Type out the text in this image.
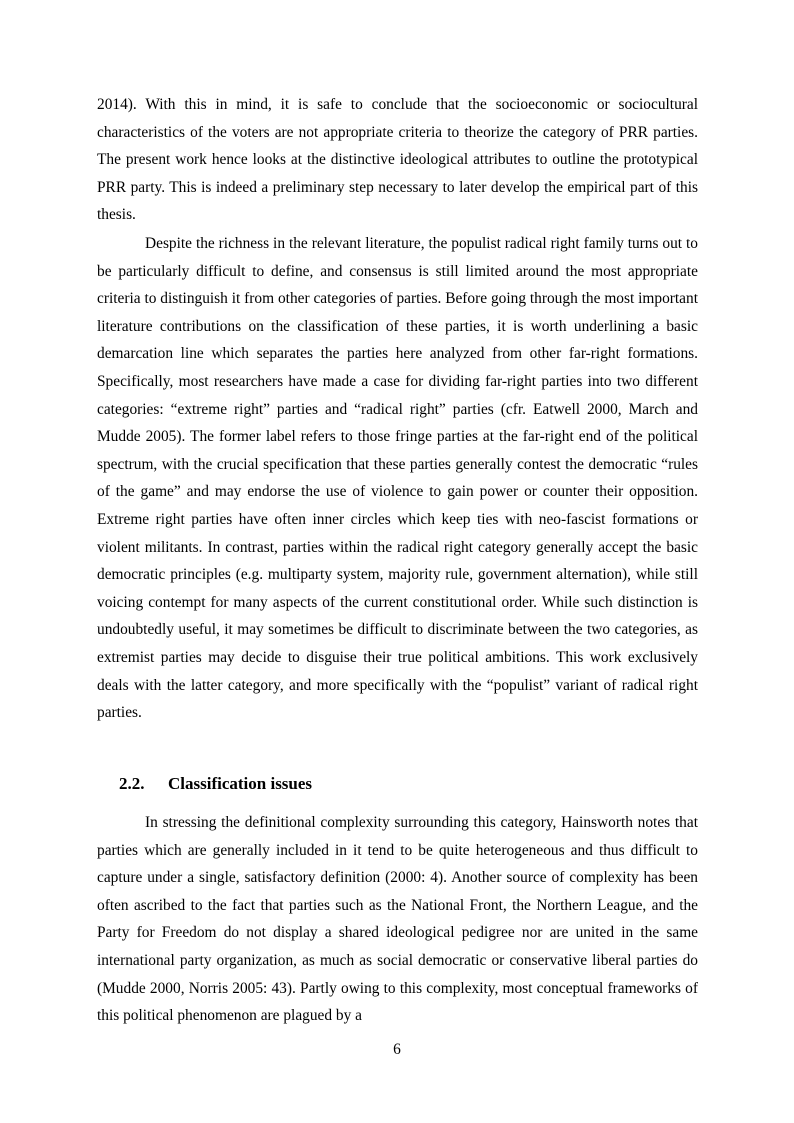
2014). With this in mind, it is safe to conclude that the socioeconomic or sociocultural characteristics of the voters are not appropriate criteria to theorize the category of PRR parties. The present work hence looks at the distinctive ideological attributes to outline the prototypical PRR party. This is indeed a preliminary step necessary to later develop the empirical part of this thesis.

Despite the richness in the relevant literature, the populist radical right family turns out to be particularly difficult to define, and consensus is still limited around the most appropriate criteria to distinguish it from other categories of parties. Before going through the most important literature contributions on the classification of these parties, it is worth underlining a basic demarcation line which separates the parties here analyzed from other far-right formations. Specifically, most researchers have made a case for dividing far-right parties into two different categories: “extreme right” parties and “radical right” parties (cfr. Eatwell 2000, March and Mudde 2005). The former label refers to those fringe parties at the far-right end of the political spectrum, with the crucial specification that these parties generally contest the democratic “rules of the game” and may endorse the use of violence to gain power or counter their opposition. Extreme right parties have often inner circles which keep ties with neo-fascist formations or violent militants. In contrast, parties within the radical right category generally accept the basic democratic principles (e.g. multiparty system, majority rule, government alternation), while still voicing contempt for many aspects of the current constitutional order. While such distinction is undoubtedly useful, it may sometimes be difficult to discriminate between the two categories, as extremist parties may decide to disguise their true political ambitions. This work exclusively deals with the latter category, and more specifically with the “populist” variant of radical right parties.

2.2. Classification issues

In stressing the definitional complexity surrounding this category, Hainsworth notes that parties which are generally included in it tend to be quite heterogeneous and thus difficult to capture under a single, satisfactory definition (2000: 4). Another source of complexity has been often ascribed to the fact that parties such as the National Front, the Northern League, and the Party for Freedom do not display a shared ideological pedigree nor are united in the same international party organization, as much as social democratic or conservative liberal parties do (Mudde 2000, Norris 2005: 43). Partly owing to this complexity, most conceptual frameworks of this political phenomenon are plagued by a

6
